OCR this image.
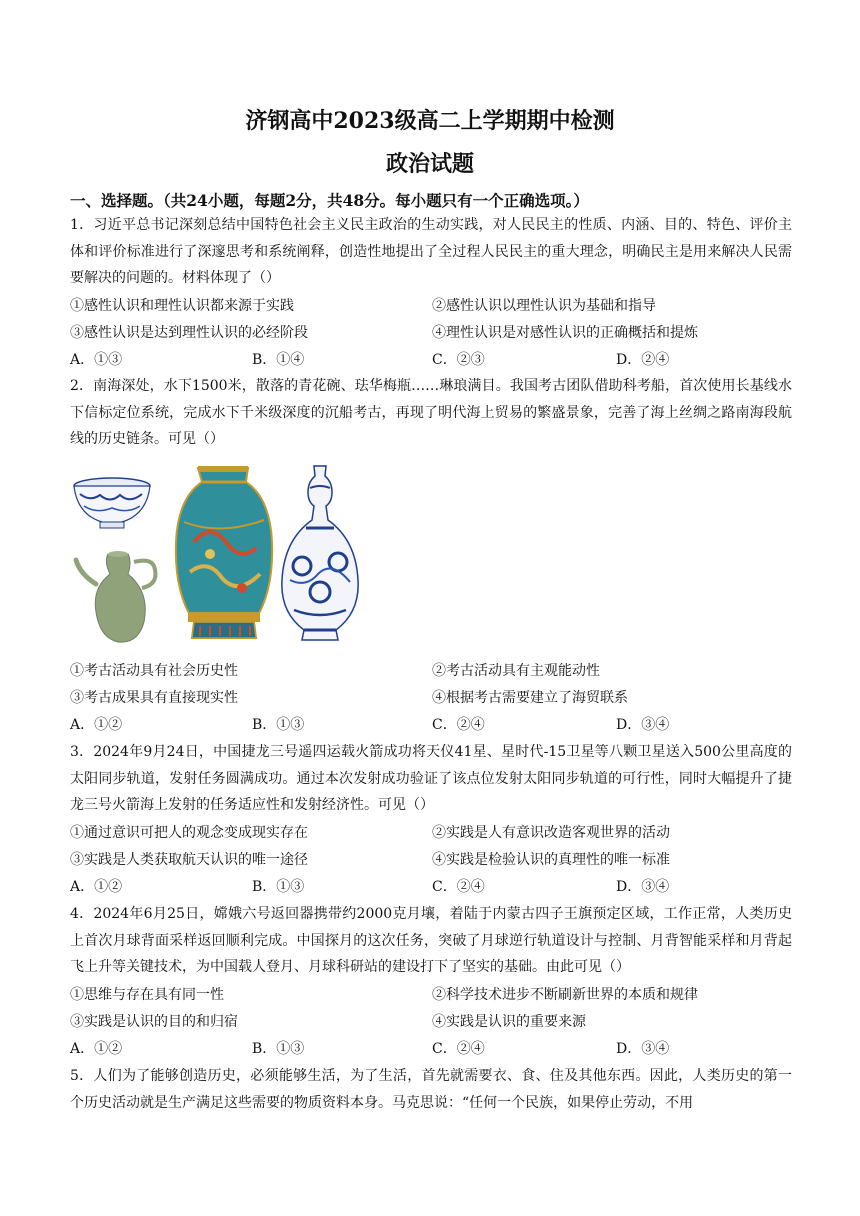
济钢高中2023级高二上学期期中检测
政治试题
一、选择题。（共24小题，每题2分，共48分。每小题只有一个正确选项。）
1．习近平总书记深刻总结中国特色社会主义民主政治的生动实践，对人民民主的性质、内涵、目的、特色、评价主体和评价标准进行了深邃思考和系统阐释，创造性地提出了全过程人民民主的重大理念，明确民主是用来解决人民需要解决的问题的。材料体现了（）
①感性认识和理性认识都来源于实践	②感性认识以理性认识为基础和指导
③感性认识是达到理性认识的必经阶段	④理性认识是对感性认识的正确概括和提炼
A．①③	B．①④	C．②③	D．②④
2．南海深处，水下1500米，散落的青花碗、珐华梅瓶……琳琅满目。我国考古团队借助科考船，首次使用长基线水下信标定位系统，完成水下千米级深度的沉船考古，再现了明代海上贸易的繁盛景象，完善了海上丝绸之路南海段航线的历史链条。可见（）
①考古活动具有社会历史性	②考古活动具有主观能动性
③考古成果具有直接现实性	④根据考古需要建立了海贸联系
A．①②	B．①③	C．②④	D．③④
3．2024年9月24日，中国捷龙三号遥四运载火箭成功将天仪41星、星时代-15卫星等八颗卫星送入500公里高度的太阳同步轨道，发射任务圆满成功。通过本次发射成功验证了该点位发射太阳同步轨道的可行性，同时大幅提升了捷龙三号火箭海上发射的任务适应性和发射经济性。可见（）
①通过意识可把人的观念变成现实存在	②实践是人有意识改造客观世界的活动
③实践是人类获取航天认识的唯一途径	④实践是检验认识的真理性的唯一标准
A．①②	B．①③	C．②④	D．③④
4．2024年6月25日，嫦娥六号返回器携带约2000克月壤，着陆于内蒙古四子王旗预定区域，工作正常，人类历史上首次月球背面采样返回顺利完成。中国探月的这次任务，突破了月球逆行轨道设计与控制、月背智能采样和月背起飞上升等关键技术，为中国载人登月、月球科研站的建设打下了坚实的基础。由此可见（）
①思维与存在具有同一性	②科学技术进步不断刷新世界的本质和规律
③实践是认识的目的和归宿	④实践是认识的重要来源
A．①②	B．①③	C．②④	D．③④
5．人们为了能够创造历史，必须能够生活，为了生活，首先就需要衣、食、住及其他东西。因此，人类历史的第一个历史活动就是生产满足这些需要的物质资料本身。马克思说：“任何一个民族，如果停止劳动，不用
